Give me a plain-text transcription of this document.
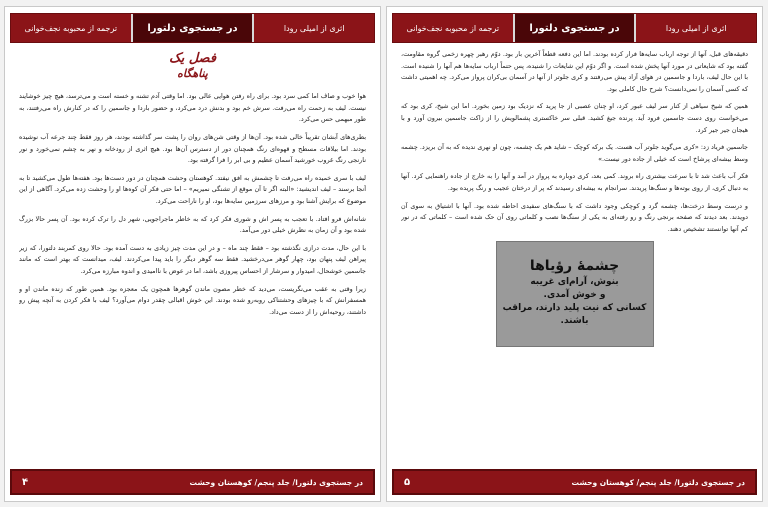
ترجمه از محبوبه نجف‌خوانی	در جستجوی دلتورا	اثری از امیلی رودا
فصل یک
پناهگاه

هوا خوب و صاف اما کمی سرد بود. برای راه رفتن هوایی عالی بود. اما وقتی آدم تشنه و خسته است و می‌ترسد، هیچ چیز خوشایند نیست. لیف به زحمت راه می‌رفت. سرش خم بود و بدنش درد می‌کرد، و حضور باردا و جاسمین را که در کنارش راه می‌رفتند، به طور مبهمی حس می‌کرد.

بطری‌های آبشان تقریباً خالی شده بود. آن‌ها از وقتی شن‌های روان را پشت سر گذاشته بودند، هر روز فقط چند جرعه آب نوشیده بودند. اما بیلاقات مسطح و قهوه‌ای رنگ همچنان دور از دسترس آن‌ها بود. هیچ اثری از رودخانه و نهر به چشم نمی‌خورد و نور نارنجی رنگ غروب خورشید آسمان عظیم و بی ابر را فرا گرفته بود.

لیف با سری خمیده راه می‌رفت تا چشمش به افق نیفتد. کوهستان وحشت همچنان در دور دست‌ها بود. هفته‌ها طول می‌کشید تا به آنجا برسند – لیف اندیشید: «البته اگر تا آن موقع از تشنگی نمیریم» – اما حتی فکر آن کوه‌ها او را وحشت زده می‌کرد. آگاهی از این موضوع که برایش آشنا بود و مرزهای سرزمین سایه‌ها بود، او را ناراحت می‌کرد.

شانه‌اش فرو افتاد. با تعجب به پسر اش و شوری فکر کرد که به خاطر ماجراجویی، شهر دل را ترک کرده بود. آن پسر حالا بزرگ شده بود و آن زمان به نظرش خیلی دور می‌آمد.

با این حال، مدت درازی نگذشته بود – فقط چند ماه – و در این مدت چیز زیادی به دست آمده بود. حالا روی کمربند دلتورا، که زیر پیراهن لیف پنهان بود، چهار گوهر می‌درخشید. فقط سه گوهر دیگر را باید پیدا می‌کردند. لیف، میدانست که بهتر است که مانند جاسمین خوشحال، امیدوار و سرشار از احساس پیروزی باشد، اما در عوض با ناامیدی و اندوه مبارزه می‌کرد.

زیرا وقتی به عقب می‌نگریست، می‌دید که خطر مصون ماندن گوهرها همچون یک معجزه بود. همین طور که زنده ماندن او و همسفرانش که با چیزهای وحشتناکی روبه‌رو شده بودند. این خوش اقبالی چقدر دوام می‌آورد؟ لیف با فکر کردن به آنچه پیش رو داشتند، روحیه‌اش را از دست می‌داد.

۴	در جستجوی دلتورا/ جلد پنجم/ کوهستان وحشت
ترجمه از محبوبه نجف‌خوانی	در جستجوی دلتورا	اثری از امیلی رودا

دقیقه‌های قبل، آنها از توجه ارباب سایه‌ها فرار کرده بودند. اما این دفعه قطعاً آخرین بار بود. دوّم رهبر چهره زخمی گروه مقاومت، گفته بود که شایعاتی در مورد آنها پخش شده است. و اگر دوّم این شایعات را شنیده، پس حتماً ارباب سایه‌ها هم آنها را شنیده است. با این حال لیف، باردا و جاسمین در هوای آزاد پیش می‌رفتند و کری جلوتر از آنها در آسمان بی‌کران پرواز می‌کرد. چه اهمیتی داشت که کسی آسمان را نمی‌دانست؟ شرح حال کاملی بود.

همین که شیخ سیاهی از کنار سر لیف عبور کرد، او چنان عصبی از جا پرید که نزدیک بود زمین بخورد. اما این شیخ، کری بود که می‌خواست روی دست جاسمین فرود آید. پرنده جیغ کشید. قبلی سر خاکستری پشمالویش را از زاکت جاسمین بیرون آورد و با هیجان جیر جیر کرد.

جاسمین فریاد زد: «کری می‌گوید جلوتر آب هست. یک برکه کوچک – شاید هم یک چشمه، چون او نهری ندیده که به آن بریزد. چشمه وسط بیشه‌ای پرشاخ است که خیلی از جاده دور نیست.»

فکر آب باعث شد تا با سرعت بیشتری راه بروند. کمی بعد، کری دوباره به پرواز در آمد و آنها را به خارج از جاده راهنمایی کرد. آنها به دنبال کری، از روی بوته‌ها و سنگ‌ها پریدند. سرانجام به بیشه‌ای رسیدند که پر از درختان عجیب و رنگ پریده بود.

و درست وسط درخت‌ها، چشمه گرد و کوچکی وجود داشت که با سنگ‌های سفیدی احاطه شده بود. آنها با اشتیاق به سوی آن دویدند. بعد دیدند که صفحه برنجی رنگ و رو رفته‌ای به یکی از سنگ‌ها نصب و کلماتی روی آن حک شده است – کلماتی که در نور کم آنها توانستند تشخیص دهند.

چشمهٔ رؤیاها
بنوش، آرام‌ای غریبه
و خوش آمدی.
کسانی که نیت پلید دارند، مراقب باشند.
۵	در جستجوی دلتورا/ جلد پنجم/ کوهستان وحشت
